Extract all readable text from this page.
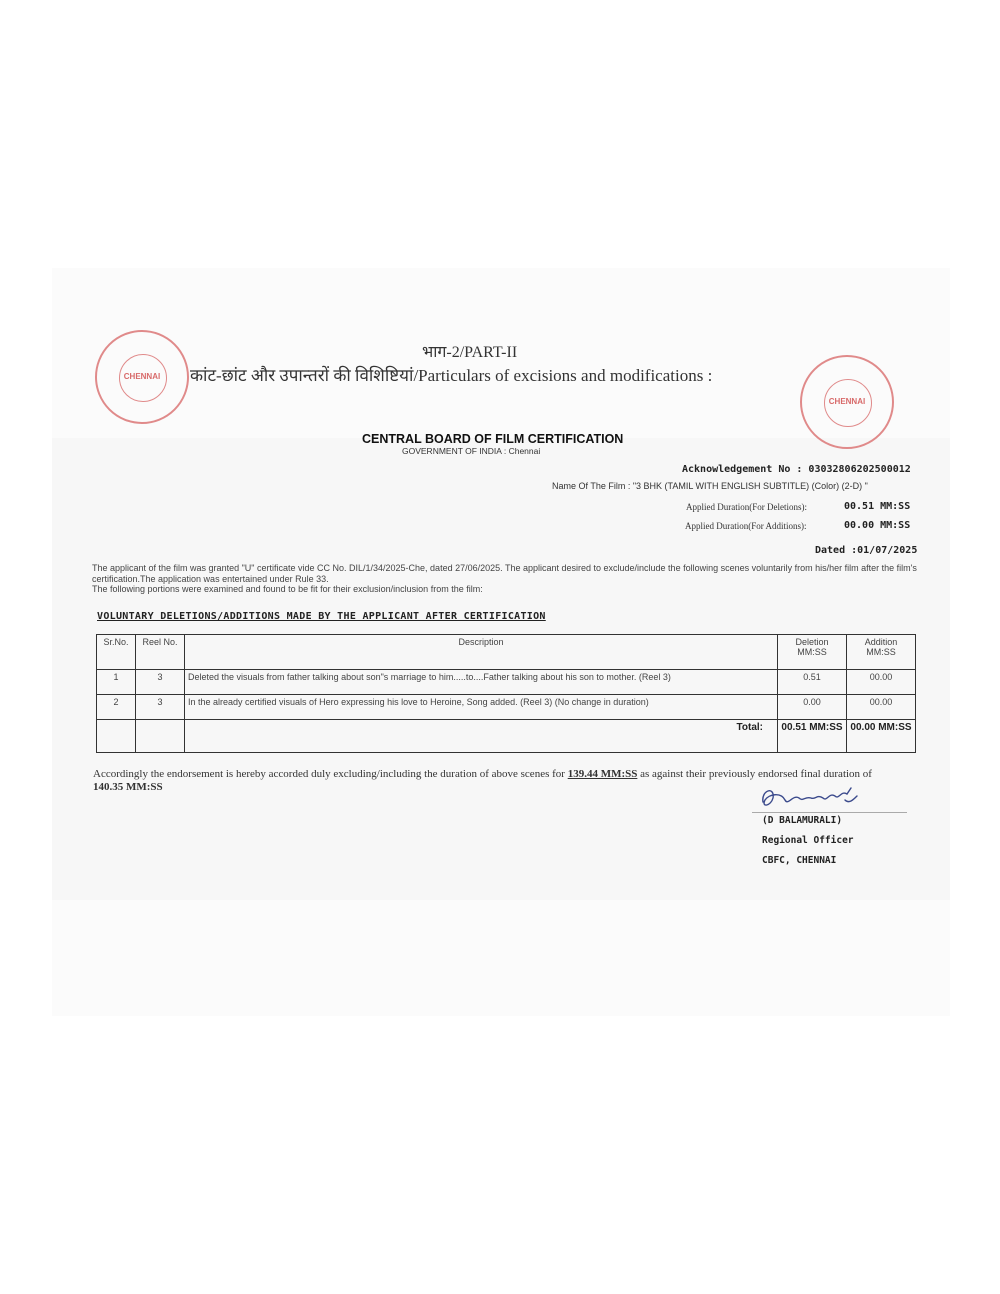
CHENNAI
CHENNAI
भाग-2/PART-II
कांट-छांट और उपान्तरों की विशिष्टियां/Particulars of excisions and modifications :
CENTRAL BOARD OF FILM CERTIFICATION
GOVERNMENT OF INDIA : Chennai
Acknowledgement No : 03032806202500012
Name Of The Film : "3 BHK (TAMIL WITH ENGLISH SUBTITLE) (Color) (2-D) "
Applied Duration(For Deletions):	00.51 MM:SS
Applied Duration(For Additions):	00.00 MM:SS
Dated :01/07/2025
The applicant of the film was granted "U" certificate vide CC No. DIL/1/34/2025-Che, dated 27/06/2025. The applicant desired to exclude/include the following scenes voluntarily from his/her film after the film's certification.The application was entertained under Rule 33.
The following portions were examined and found to be fit for their exclusion/inclusion from the film:
VOLUNTARY DELETIONS/ADDITIONS MADE BY THE APPLICANT AFTER CERTIFICATION
Sr.No.	Reel No.	Description	Deletion MM:SS	Addition MM:SS
1	3	Deleted the visuals from father talking about son"s marriage to him.....to....Father talking about his son to mother. (Reel 3)	0.51	00.00
2	3	In the already certified visuals of Hero expressing his love to Heroine, Song added. (Reel 3) (No change in duration)	0.00	00.00
		Total:	00.51 MM:SS	00.00 MM:SS
Accordingly the endorsement is hereby accorded duly excluding/including the duration of above scenes for 139.44 MM:SS as against their previously endorsed final duration of 140.35 MM:SS
(D BALAMURALI)
Regional Officer
CBFC, CHENNAI
